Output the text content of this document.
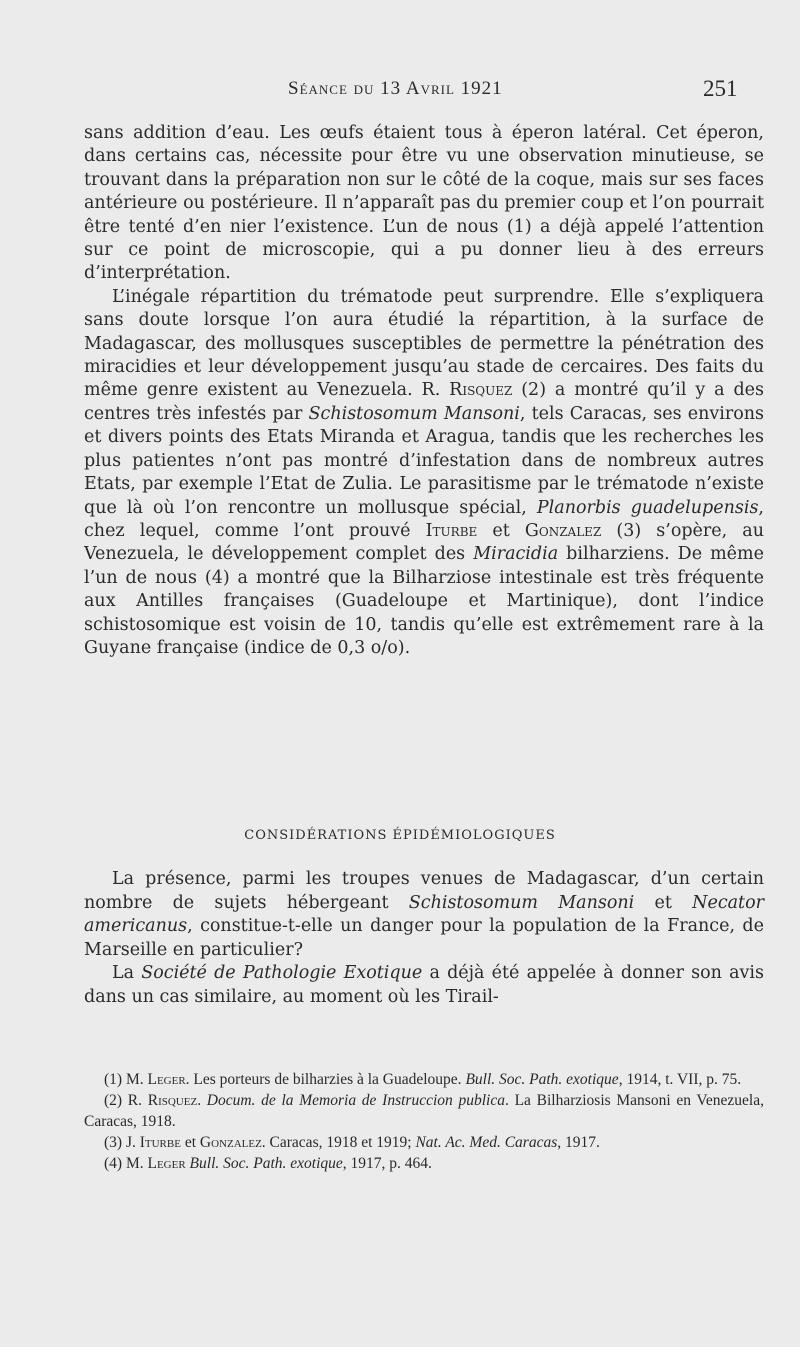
Séance du 13 Avril 1921	251

sans addition d’eau. Les œufs étaient tous à éperon latéral. Cet éperon, dans certains cas, nécessite pour être vu une observation minutieuse, se trouvant dans la préparation non sur le côté de la coque, mais sur ses faces antérieure ou postérieure. Il n’apparaît pas du premier coup et l’on pourrait être tenté d’en nier l’existence. L’un de nous (1) a déjà appelé l’attention sur ce point de microscopie, qui a pu donner lieu à des erreurs d’interprétation.

L’inégale répartition du trématode peut surprendre. Elle s’expliquera sans doute lorsque l’on aura étudié la répartition, à la surface de Madagascar, des mollusques susceptibles de permettre la pénétration des miracidies et leur développement jusqu’au stade de cercaires. Des faits du même genre existent au Venezuela. R. Risquez (2) a montré qu’il y a des centres très infestés par Schistosomum Mansoni, tels Caracas, ses environs et divers points des Etats Miranda et Aragua, tandis que les recherches les plus patientes n’ont pas montré d’infestation dans de nombreux autres Etats, par exemple l’Etat de Zulia. Le parasitisme par le trématode n’existe que là où l’on rencontre un mollusque spécial, Planorbis guadelupensis, chez lequel, comme l’ont prouvé Iturbe et Gonzalez (3) s’opère, au Venezuela, le développement complet des Miracidia bilharziens. De même l’un de nous (4) a montré que la Bilharziose intestinale est très fréquente aux Antilles françaises (Guadeloupe et Martinique), dont l’indice schistosomique est voisin de 10, tandis qu’elle est extrêmement rare à la Guyane française (indice de 0,3 o/o).

CONSIDÉRATIONS ÉPIDÉMIOLOGIQUES

La présence, parmi les troupes venues de Madagascar, d’un certain nombre de sujets hébergeant Schistosomum Mansoni et Necator americanus, constitue-t-elle un danger pour la population de la France, de Marseille en particulier?

La Société de Pathologie Exotique a déjà été appelée à donner son avis dans un cas similaire, au moment où les Tirail-

(1) M. Leger. Les porteurs de bilharzies à la Guadeloupe. Bull. Soc. Path. exotique, 1914, t. VII, p. 75.

(2) R. Risquez. Docum. de la Memoria de Instruccion publica. La Bilharziosis Mansoni en Venezuela, Caracas, 1918.

(3) J. Iturbe et Gonzalez. Caracas, 1918 et 1919; Nat. Ac. Med. Caracas, 1917.

(4) M. Leger Bull. Soc. Path. exotique, 1917, p. 464.
